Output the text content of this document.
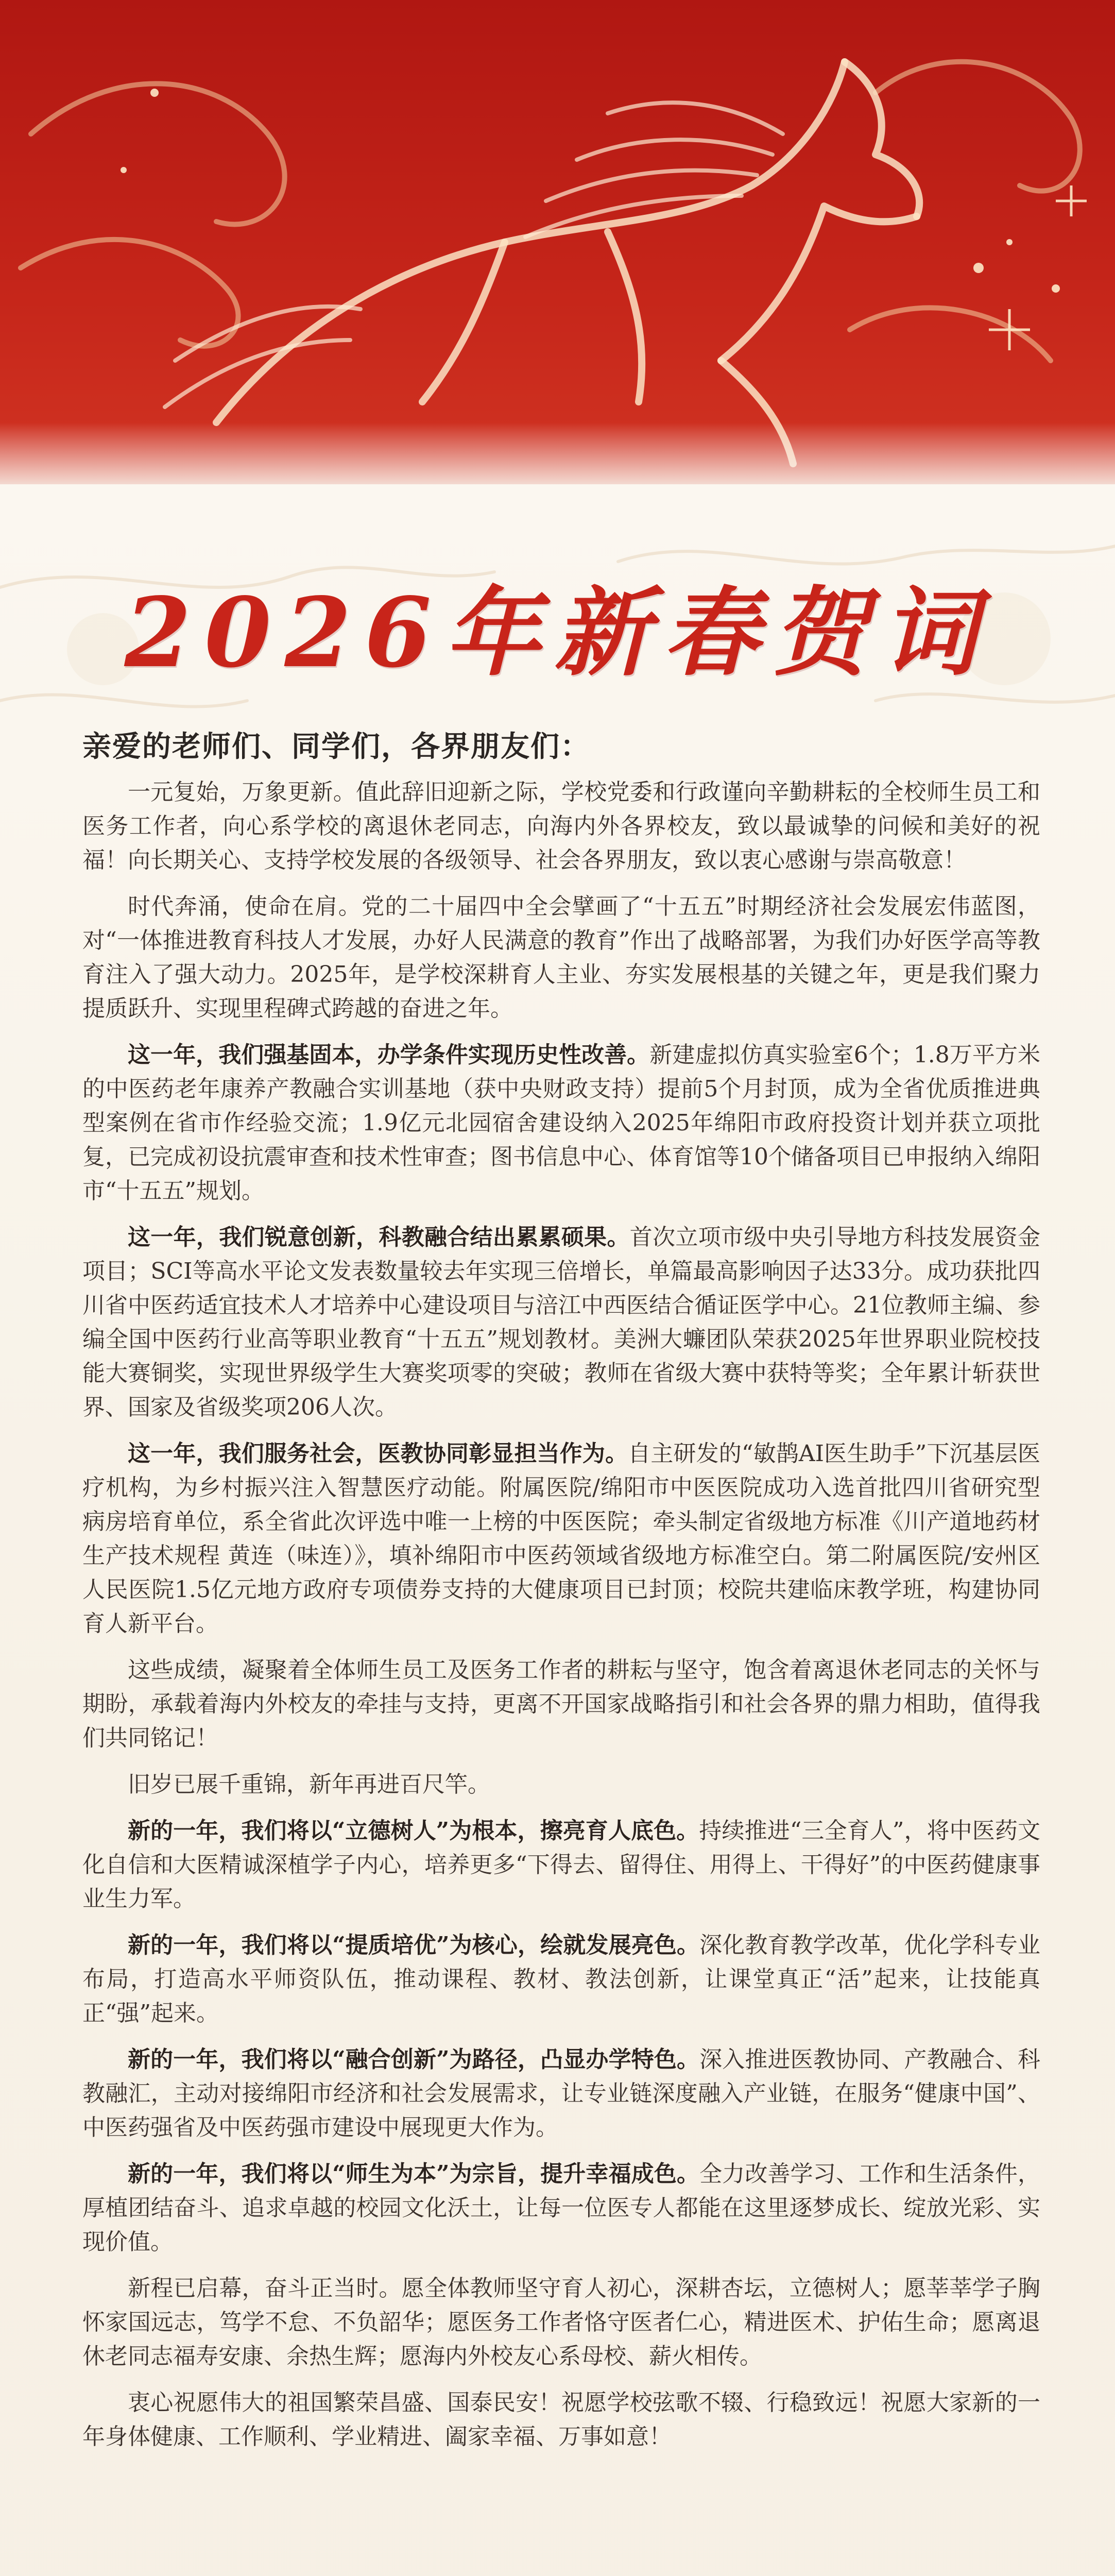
2026年新春贺词
亲爱的老师们、同学们，各界朋友们：

一元复始，万象更新。值此辞旧迎新之际，学校党委和行政谨向辛勤耕耘的全校师生员工和医务工作者，向心系学校的离退休老同志，向海内外各界校友，致以最诚挚的问候和美好的祝福！向长期关心、支持学校发展的各级领导、社会各界朋友，致以衷心感谢与崇高敬意！

时代奔涌，使命在肩。党的二十届四中全会擘画了“十五五”时期经济社会发展宏伟蓝图，对“一体推进教育科技人才发展，办好人民满意的教育”作出了战略部署，为我们办好医学高等教育注入了强大动力。2025年，是学校深耕育人主业、夯实发展根基的关键之年，更是我们聚力提质跃升、实现里程碑式跨越的奋进之年。

这一年，我们强基固本，办学条件实现历史性改善。新建虚拟仿真实验室6个；1.8万平方米的中医药老年康养产教融合实训基地（获中央财政支持）提前5个月封顶，成为全省优质推进典型案例在省市作经验交流；1.9亿元北园宿舍建设纳入2025年绵阳市政府投资计划并获立项批复，已完成初设抗震审查和技术性审查；图书信息中心、体育馆等10个储备项目已申报纳入绵阳市“十五五”规划。

这一年，我们锐意创新，科教融合结出累累硕果。首次立项市级中央引导地方科技发展资金项目；SCI等高水平论文发表数量较去年实现三倍增长，单篇最高影响因子达33分。成功获批四川省中医药适宜技术人才培养中心建设项目与涪江中西医结合循证医学中心。21位教师主编、参编全国中医药行业高等职业教育“十五五”规划教材。美洲大蠊团队荣获2025年世界职业院校技能大赛铜奖，实现世界级学生大赛奖项零的突破；教师在省级大赛中获特等奖；全年累计斩获世界、国家及省级奖项206人次。

这一年，我们服务社会，医教协同彰显担当作为。自主研发的“敏鹊AI医生助手”下沉基层医疗机构，为乡村振兴注入智慧医疗动能。附属医院/绵阳市中医医院成功入选首批四川省研究型病房培育单位，系全省此次评选中唯一上榜的中医医院；牵头制定省级地方标准《川产道地药材生产技术规程 黄连（味连）》，填补绵阳市中医药领域省级地方标准空白。第二附属医院/安州区人民医院1.5亿元地方政府专项债券支持的大健康项目已封顶；校院共建临床教学班，构建协同育人新平台。

这些成绩，凝聚着全体师生员工及医务工作者的耕耘与坚守，饱含着离退休老同志的关怀与期盼，承载着海内外校友的牵挂与支持，更离不开国家战略指引和社会各界的鼎力相助，值得我们共同铭记！

旧岁已展千重锦，新年再进百尺竿。

新的一年，我们将以“立德树人”为根本，擦亮育人底色。持续推进“三全育人”，将中医药文化自信和大医精诚深植学子内心，培养更多“下得去、留得住、用得上、干得好”的中医药健康事业生力军。

新的一年，我们将以“提质培优”为核心，绘就发展亮色。深化教育教学改革，优化学科专业布局，打造高水平师资队伍，推动课程、教材、教法创新，让课堂真正“活”起来，让技能真正“强”起来。

新的一年，我们将以“融合创新”为路径，凸显办学特色。深入推进医教协同、产教融合、科教融汇，主动对接绵阳市经济和社会发展需求，让专业链深度融入产业链，在服务“健康中国”、中医药强省及中医药强市建设中展现更大作为。

新的一年，我们将以“师生为本”为宗旨，提升幸福成色。全力改善学习、工作和生活条件，厚植团结奋斗、追求卓越的校园文化沃土，让每一位医专人都能在这里逐梦成长、绽放光彩、实现价值。

新程已启幕，奋斗正当时。愿全体教师坚守育人初心，深耕杏坛，立德树人；愿莘莘学子胸怀家国远志，笃学不怠、不负韶华；愿医务工作者恪守医者仁心，精进医术、护佑生命；愿离退休老同志福寿安康、余热生辉；愿海内外校友心系母校、薪火相传。

衷心祝愿伟大的祖国繁荣昌盛、国泰民安！祝愿学校弦歌不辍、行稳致远！祝愿大家新的一年身体健康、工作顺利、学业精进、阖家幸福、万事如意！
